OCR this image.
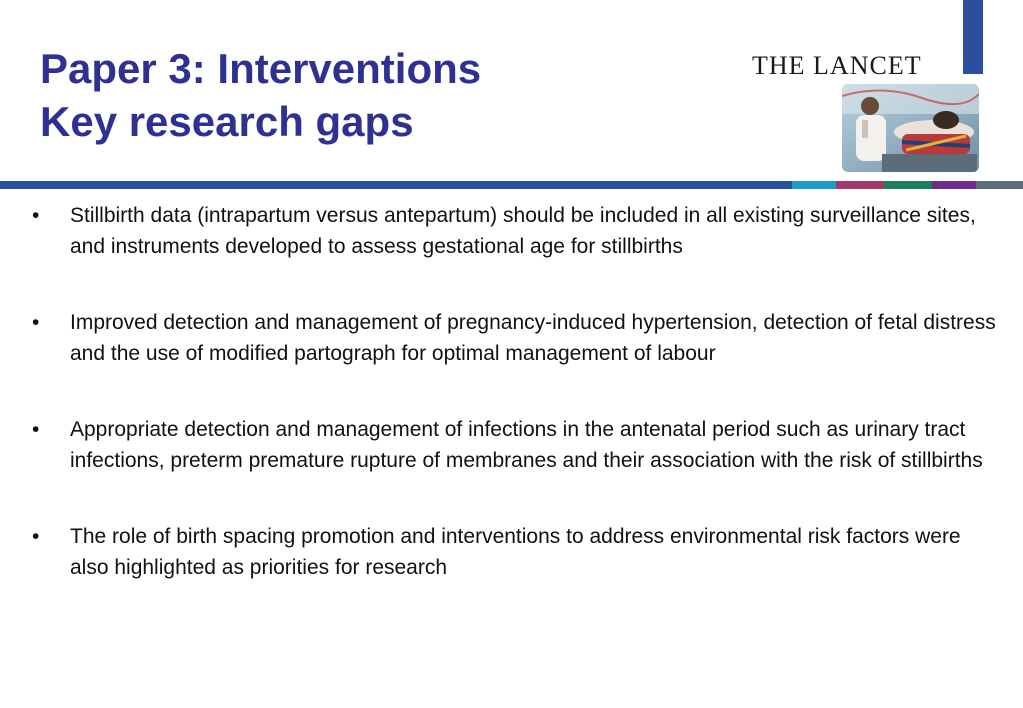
Paper 3: Interventions
Key research gaps
THE LANCET
•	Stillbirth data (intrapartum versus antepartum) should be included in all existing surveillance sites, and instruments developed to assess gestational age for stillbirths
•	Improved detection and management of pregnancy-induced hypertension, detection of fetal distress and the use of modified partograph for optimal management of labour
•	Appropriate detection and management of infections in the antenatal period such as urinary tract infections, preterm premature rupture of membranes and their association with the risk of stillbirths
•	The role of birth spacing promotion and interventions to address environmental risk factors were also highlighted as priorities for research
